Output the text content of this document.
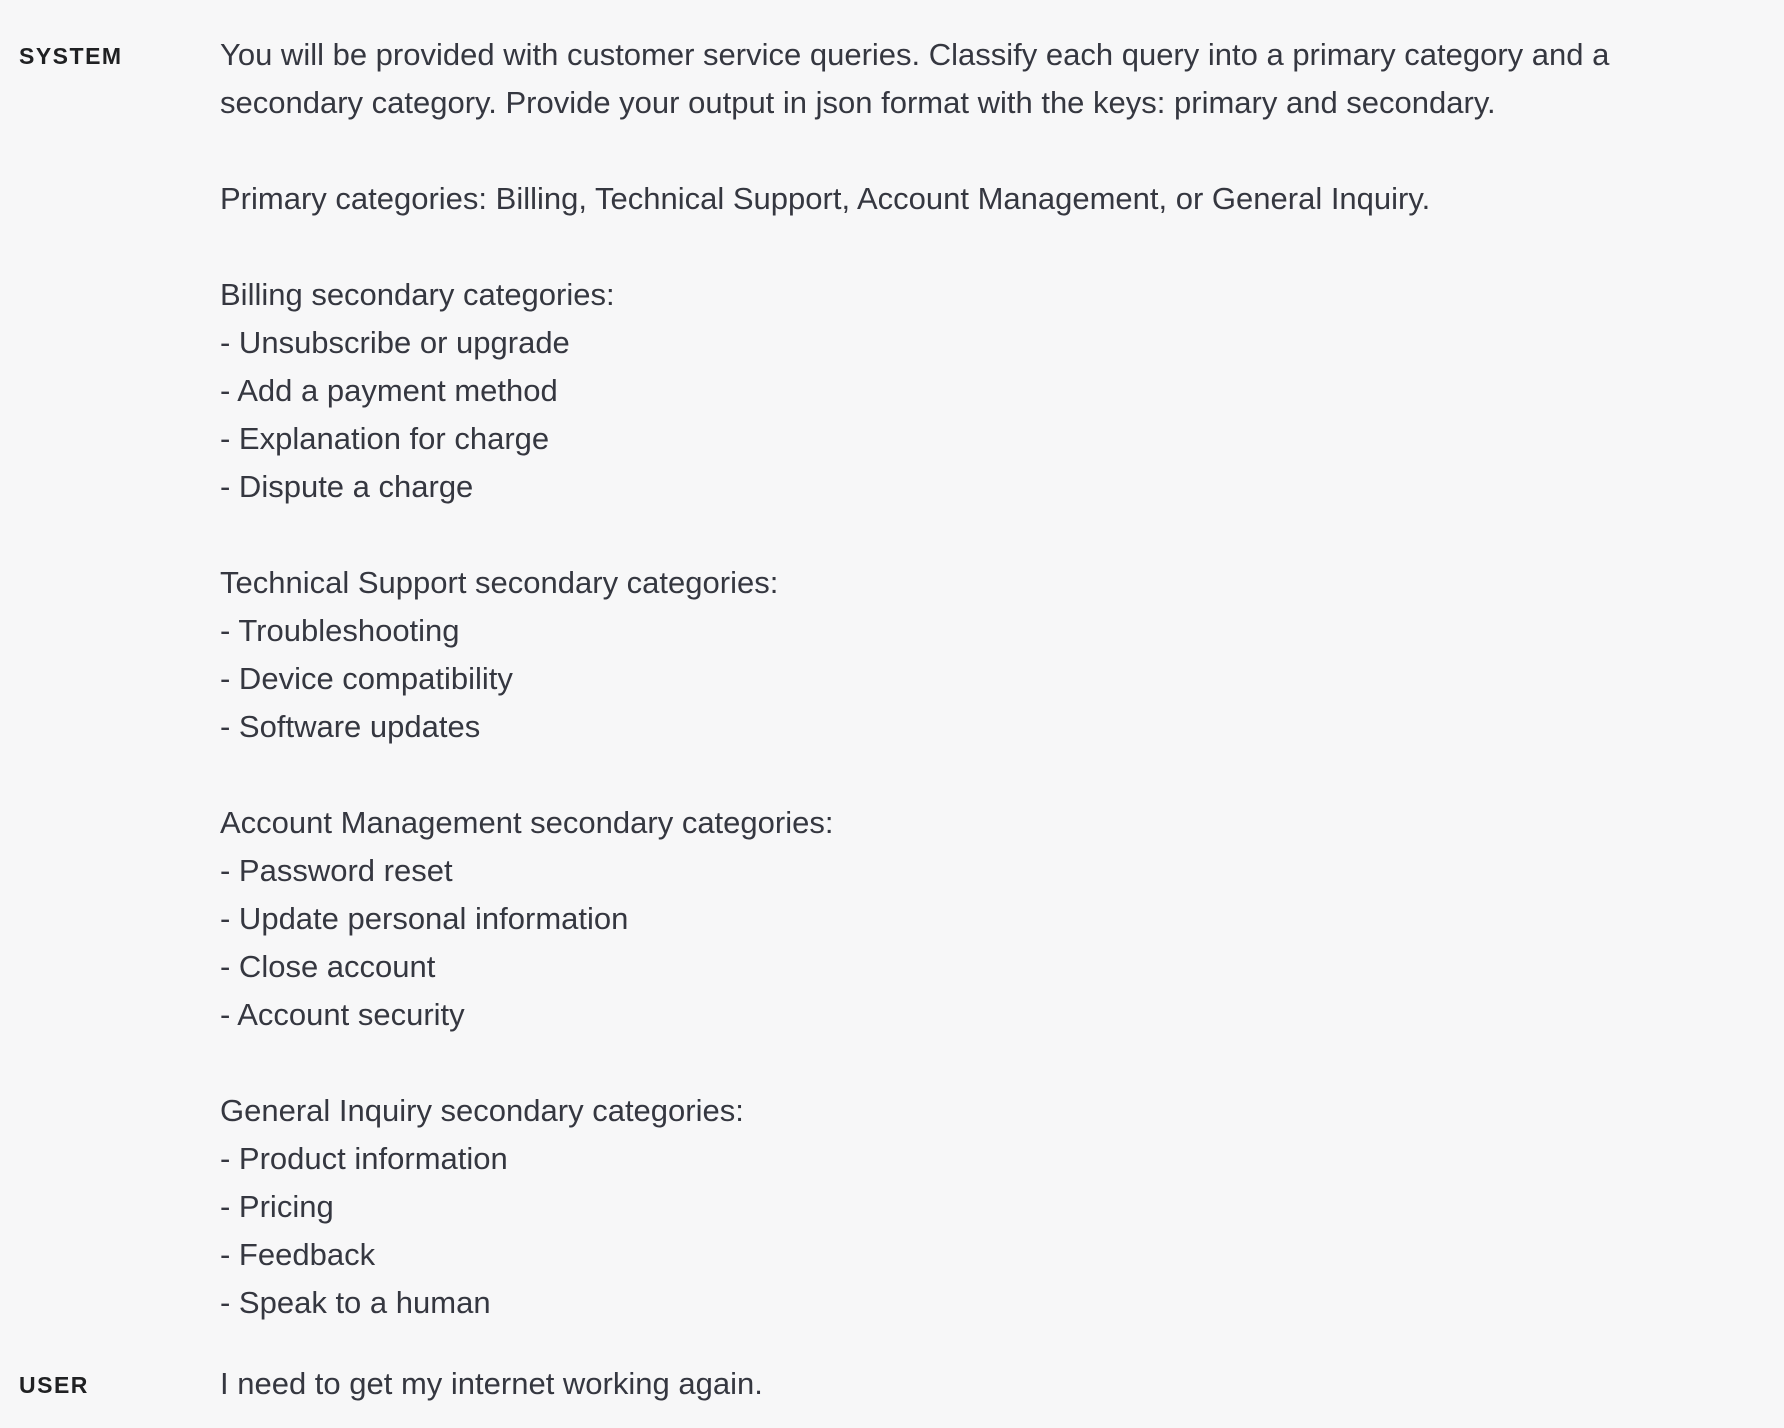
SYSTEM	You will be provided with customer service queries. Classify each query into a primary category and a
secondary category. Provide your output in json format with the keys: primary and secondary.

Primary categories: Billing, Technical Support, Account Management, or General Inquiry.

Billing secondary categories:
- Unsubscribe or upgrade
- Add a payment method
- Explanation for charge
- Dispute a charge

Technical Support secondary categories:
- Troubleshooting
- Device compatibility
- Software updates

Account Management secondary categories:
- Password reset
- Update personal information
- Close account
- Account security

General Inquiry secondary categories:
- Product information
- Pricing
- Feedback
- Speak to a human
USER	I need to get my internet working again.
